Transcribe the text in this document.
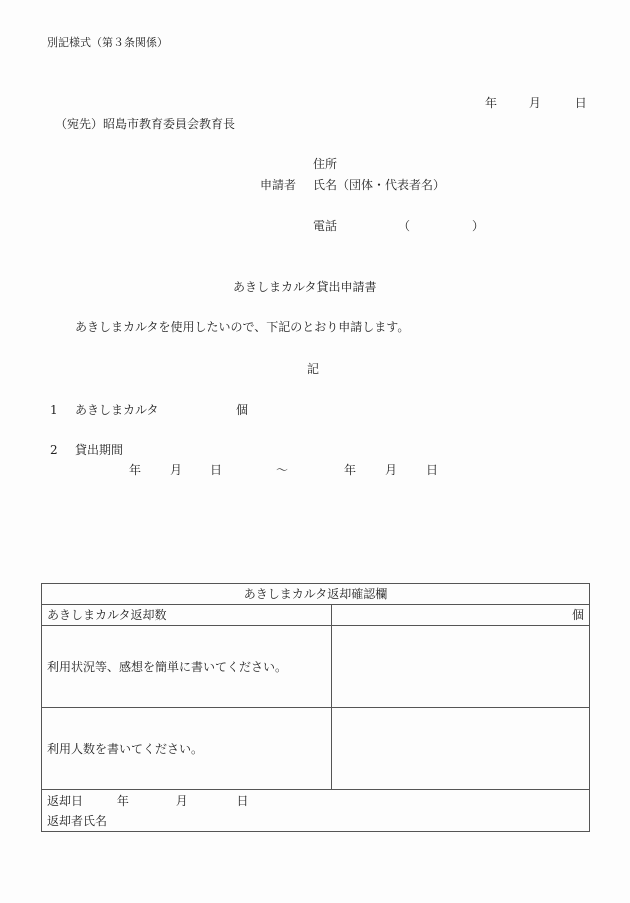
別記様式（第３条関係）
年	月	日
（宛先）昭島市教育委員会教育長
住所
申請者 氏名（団体・代表者名）
電話	（	）
あきしまカルタ貸出申請書
あきしまカルタを使用したいので、下記のとおり申請します。
記
1 あきしまカルタ	個
2 貸出期間
年 月 日	～	年 月 日
あきしまカルタ返却確認欄	
あきしまカルタ返却数	個
利用状況等、感想を簡単に書いてください。	
利用人数を書いてください。	

返却日 年 月 日
返却者氏名	
